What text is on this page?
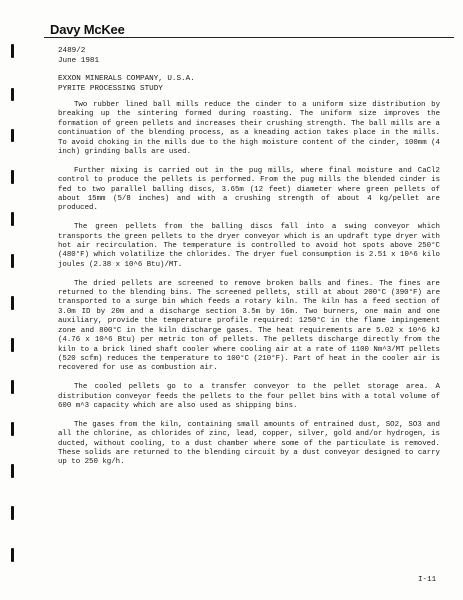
Davy McKee
2489/2
June 1981
EXXON MINERALS COMPANY, U.S.A.
PYRITE PROCESSING STUDY

Two rubber lined ball mills reduce the cinder to a uniform size distribution by breaking up the sintering formed during roasting. The uniform size improves the formation of green pellets and increases their crushing strength. The ball mills are a continuation of the blending process, as a kneading action takes place in the mills. To avoid choking in the mills due to the high moisture content of the cinder, 100mm (4 inch) grinding balls are used.

Further mixing is carried out in the pug mills, where final moisture and CaCl2 control to produce the pellets is performed. From the pug mills the blended cinder is fed to two parallel balling discs, 3.65m (12 feet) diameter where green pellets of about 15mm (5/8 inches) and with a crushing strength of about 4 kg/pellet are produced.

The green pellets from the balling discs fall into a swing conveyor which transports the green pellets to the dryer conveyor which is an updraft type dryer with hot air recirculation. The temperature is controlled to avoid hot spots above 250°C (480°F) which volatilize the chlorides. The dryer fuel consumption is 2.51 x 10^6 kilo joules (2.38 x 10^6 Btu)/MT.

The dried pellets are screened to remove broken balls and fines. The fines are returned to the blending bins. The screened pellets, still at about 200°C (390°F) are transported to a surge bin which feeds a rotary kiln. The kiln has a feed section of 3.0m ID by 20m and a discharge section 3.5m by 16m. Two burners, one main and one auxiliary, provide the temperature profile required: 1250°C in the flame impingement zone and 800°C in the kiln discharge gases. The heat requirements are 5.02 x 10^6 kJ (4.76 x 10^6 Btu) per metric ton of pellets. The pellets discharge directly from the kiln to a brick lined shaft cooler where cooling air at a rate of 1100 Nm^3/MT pellets (520 scfm) reduces the temperature to 100°C (210°F). Part of heat in the cooler air is recovered for use as combustion air.

The cooled pellets go to a transfer conveyor to the pellet storage area. A distribution conveyor feeds the pellets to the four pellet bins with a total volume of 600 m^3 capacity which are also used as shipping bins.

The gases from the kiln, containing small amounts of entrained dust, SO2, SO3 and all the chlorine, as chlorides of zinc, lead, copper, silver, gold and/or hydrogen, is ducted, without cooling, to a dust chamber where some of the particulate is removed. These solids are returned to the blending circuit by a dust conveyor designed to carry up to 250 kg/h.

I-11
